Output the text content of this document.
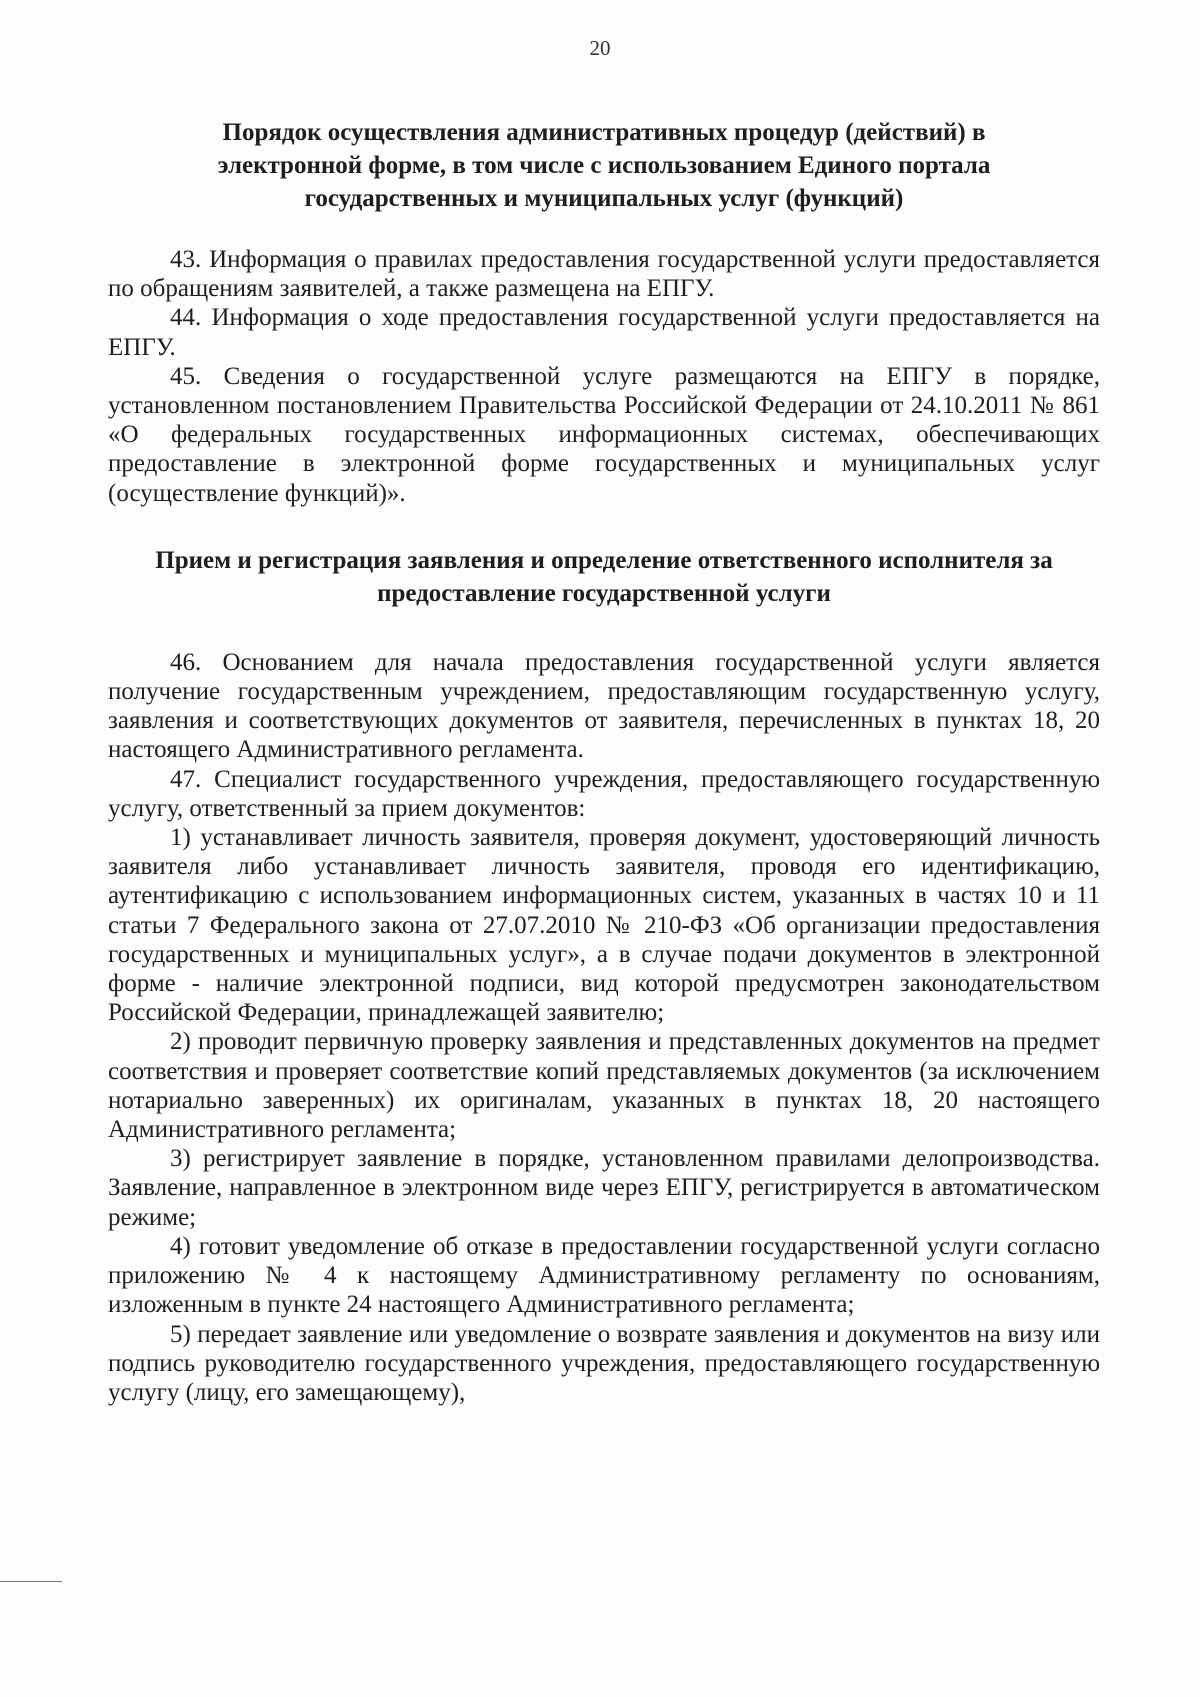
20

Порядок осуществления административных процедур (действий) в электронной форме, в том числе с использованием Единого портала государственных и муниципальных услуг (функций)

43. Информация о правилах предоставления государственной услуги предоставляется по обращениям заявителей, а также размещена на ЕПГУ.

44. Информация о ходе предоставления государственной услуги предоставляется на ЕПГУ.

45. Сведения о государственной услуге размещаются на ЕПГУ в порядке, установленном постановлением Правительства Российской Федерации от 24.10.2011 № 861 «О федеральных государственных информационных системах, обеспечивающих предоставление в электронной форме государственных и муниципальных услуг (осуществление функций)».

Прием и регистрация заявления и определение ответственного исполнителя за предоставление государственной услуги

46. Основанием для начала предоставления государственной услуги является получение государственным учреждением, предоставляющим государственную услугу, заявления и соответствующих документов от заявителя, перечисленных в пунктах 18, 20 настоящего Административного регламента.

47. Специалист государственного учреждения, предоставляющего государственную услугу, ответственный за прием документов:

1) устанавливает личность заявителя, проверяя документ, удостоверяющий личность заявителя либо устанавливает личность заявителя, проводя его идентификацию, аутентификацию с использованием информационных систем, указанных в частях 10 и 11 статьи 7 Федерального закона от 27.07.2010 № 210-ФЗ «Об организации предоставления государственных и муниципальных услуг», а в случае подачи документов в электронной форме - наличие электронной подписи, вид которой предусмотрен законодательством Российской Федерации, принадлежащей заявителю;

2) проводит первичную проверку заявления и представленных документов на предмет соответствия и проверяет соответствие копий представляемых документов (за исключением нотариально заверенных) их оригиналам, указанных в пунктах 18, 20 настоящего Административного регламента;

3) регистрирует заявление в порядке, установленном правилами делопроизводства. Заявление, направленное в электронном виде через ЕПГУ, регистрируется в автоматическом режиме;

4) готовит уведомление об отказе в предоставлении государственной услуги согласно приложению № 4 к настоящему Административному регламенту по основаниям, изложенным в пункте 24 настоящего Административного регламента;

5) передает заявление или уведомление о возврате заявления и документов на визу или подпись руководителю государственного учреждения, предоставляющего государственную услугу (лицу, его замещающему),
